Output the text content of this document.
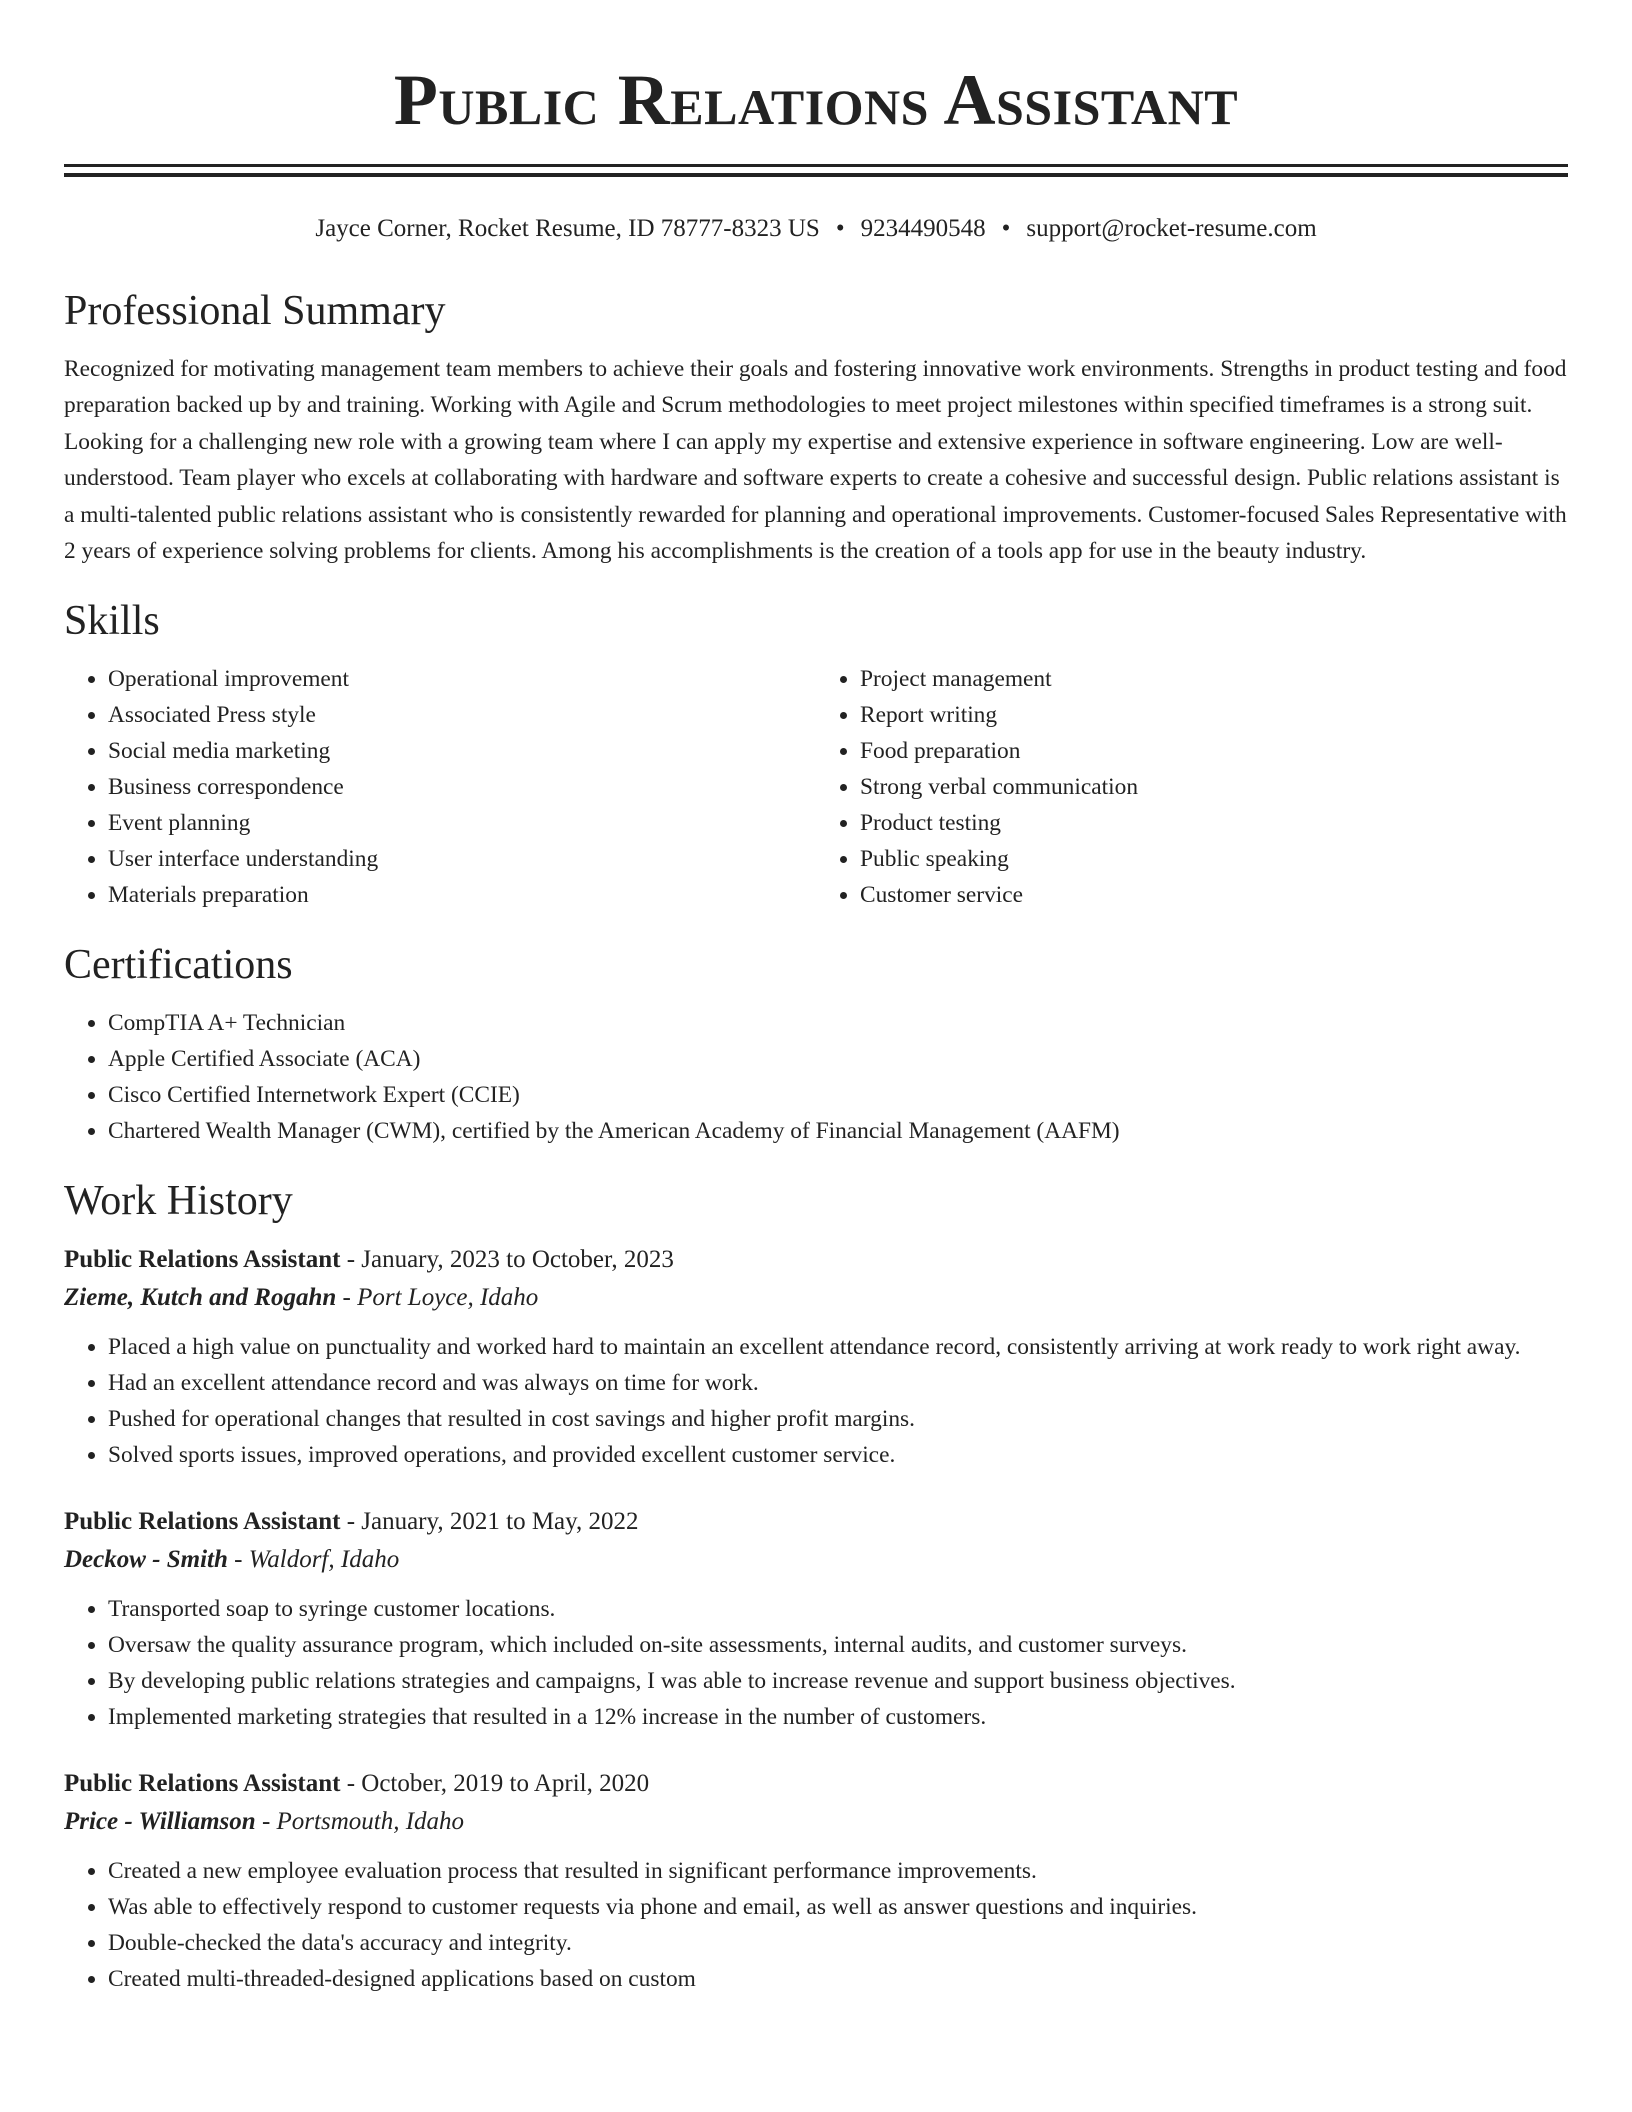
Public Relations Assistant
Jayce Corner, Rocket Resume, ID 78777-8323 US • 9234490548 • support@rocket-resume.com
Professional Summary

Recognized for motivating management team members to achieve their goals and fostering innovative work environments. Strengths in product testing and food preparation backed up by and training. Working with Agile and Scrum methodologies to meet project milestones within specified timeframes is a strong suit. Looking for a challenging new role with a growing team where I can apply my expertise and extensive experience in software engineering. Low are well-understood. Team player who excels at collaborating with hardware and software experts to create a cohesive and successful design. Public relations assistant is a multi-talented public relations assistant who is consistently rewarded for planning and operational improvements. Customer-focused Sales Representative with 2 years of experience solving problems for clients. Among his accomplishments is the creation of a tools app for use in the beauty industry.

Skills
• Operational improvement
• Associated Press style
• Social media marketing
• Business correspondence
• Event planning
• User interface understanding
• Materials preparation
• Project management
• Report writing
• Food preparation
• Strong verbal communication
• Product testing
• Public speaking
• Customer service
Certifications
• CompTIA A+ Technician
• Apple Certified Associate (ACA)
• Cisco Certified Internetwork Expert (CCIE)
• Chartered Wealth Manager (CWM), certified by the American Academy of Financial Management (AAFM)
Work History
Public Relations Assistant - January, 2023 to October, 2023
Zieme, Kutch and Rogahn - Port Loyce, Idaho
• Placed a high value on punctuality and worked hard to maintain an excellent attendance record, consistently arriving at work ready to work right away.
• Had an excellent attendance record and was always on time for work.
• Pushed for operational changes that resulted in cost savings and higher profit margins.
• Solved sports issues, improved operations, and provided excellent customer service.
Public Relations Assistant - January, 2021 to May, 2022
Deckow - Smith - Waldorf, Idaho
• Transported soap to syringe customer locations.
• Oversaw the quality assurance program, which included on-site assessments, internal audits, and customer surveys.
• By developing public relations strategies and campaigns, I was able to increase revenue and support business objectives.
• Implemented marketing strategies that resulted in a 12% increase in the number of customers.
Public Relations Assistant - October, 2019 to April, 2020
Price - Williamson - Portsmouth, Idaho
• Created a new employee evaluation process that resulted in significant performance improvements.
• Was able to effectively respond to customer requests via phone and email, as well as answer questions and inquiries.
• Double-checked the data's accuracy and integrity.
• Created multi-threaded-designed applications based on custom
